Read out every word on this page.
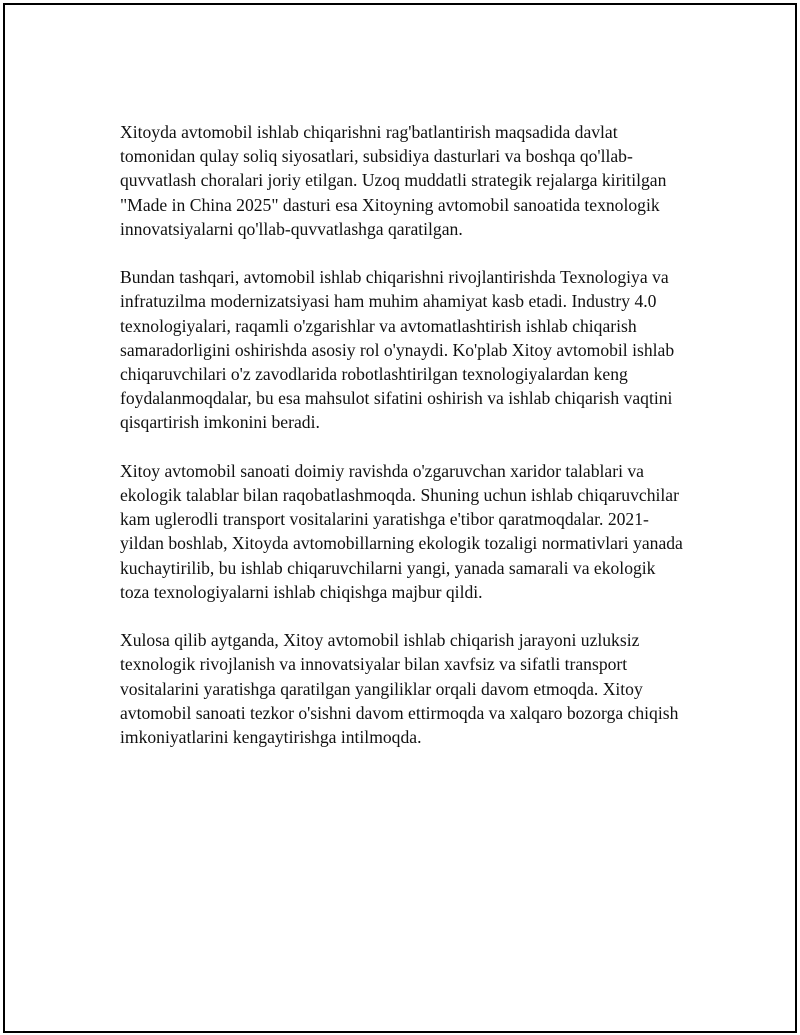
Xitoyda avtomobil ishlab chiqarishni rag'batlantirish maqsadida davlat tomonidan qulay soliq siyosatlari, subsidiya dasturlari va boshqa qo'llab-quvvatlash choralari joriy etilgan. Uzoq muddatli strategik rejalarga kiritilgan "Made in China 2025" dasturi esa Xitoyning avtomobil sanoatida texnologik innovatsiyalarni qo'llab-quvvatlashga qaratilgan.

Bundan tashqari, avtomobil ishlab chiqarishni rivojlantirishda Texnologiya va infratuzilma modernizatsiyasi ham muhim ahamiyat kasb etadi. Industry 4.0 texnologiyalari, raqamli o'zgarishlar va avtomatlashtirish ishlab chiqarish samaradorligini oshirishda asosiy rol o'ynaydi. Ko'plab Xitoy avtomobil ishlab chiqaruvchilari o'z zavodlarida robotlashtirilgan texnologiyalardan keng foydalanmoqdalar, bu esa mahsulot sifatini oshirish va ishlab chiqarish vaqtini qisqartirish imkonini beradi.

Xitoy avtomobil sanoati doimiy ravishda o'zgaruvchan xaridor talablari va ekologik talablar bilan raqobatlashmoqda. Shuning uchun ishlab chiqaruvchilar kam uglerodli transport vositalarini yaratishga e'tibor qaratmoqdalar. 2021-yildan boshlab, Xitoyda avtomobillarning ekologik tozaligi normativlari yanada kuchaytirilib, bu ishlab chiqaruvchilarni yangi, yanada samarali va ekologik toza texnologiyalarni ishlab chiqishga majbur qildi.

Xulosa qilib aytganda, Xitoy avtomobil ishlab chiqarish jarayoni uzluksiz texnologik rivojlanish va innovatsiyalar bilan xavfsiz va sifatli transport vositalarini yaratishga qaratilgan yangiliklar orqali davom etmoqda. Xitoy avtomobil sanoati tezkor o'sishni davom ettirmoqda va xalqaro bozorga chiqish imkoniyatlarini kengaytirishga intilmoqda.
